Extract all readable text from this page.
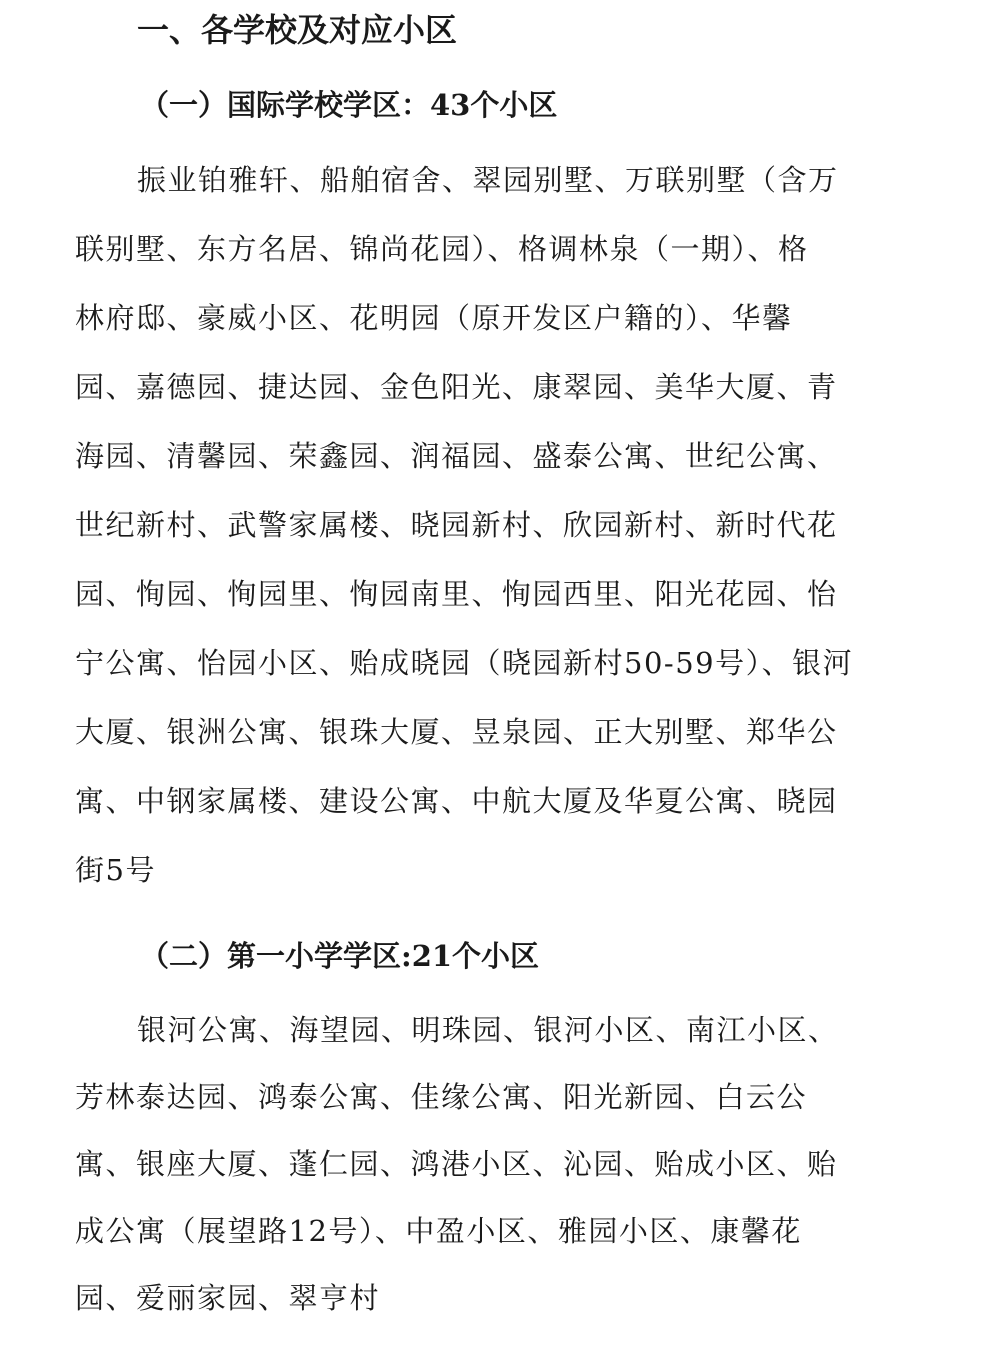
一、各学校及对应小区
（一）国际学校学区：43个小区
振业铂雅轩、船舶宿舍、翠园别墅、万联别墅（含万
联别墅、东方名居、锦尚花园）、格调林泉（一期）、格
林府邸、豪威小区、花明园（原开发区户籍的）、华馨
园、嘉德园、捷达园、金色阳光、康翠园、美华大厦、青
海园、清馨园、荣鑫园、润福园、盛泰公寓、世纪公寓、
世纪新村、武警家属楼、晓园新村、欣园新村、新时代花
园、恂园、恂园里、恂园南里、恂园西里、阳光花园、怡
宁公寓、怡园小区、贻成晓园（晓园新村50-59号）、银河
大厦、银洲公寓、银珠大厦、昱泉园、正大别墅、郑华公
寓、中钢家属楼、建设公寓、中航大厦及华夏公寓、晓园
街5号
（二）第一小学学区:21个小区
银河公寓、海望园、明珠园、银河小区、南江小区、
芳林泰达园、鸿泰公寓、佳缘公寓、阳光新园、白云公
寓、银座大厦、蓬仁园、鸿港小区、沁园、贻成小区、贻
成公寓（展望路12号）、中盈小区、雅园小区、康馨花
园、爱丽家园、翠亨村
